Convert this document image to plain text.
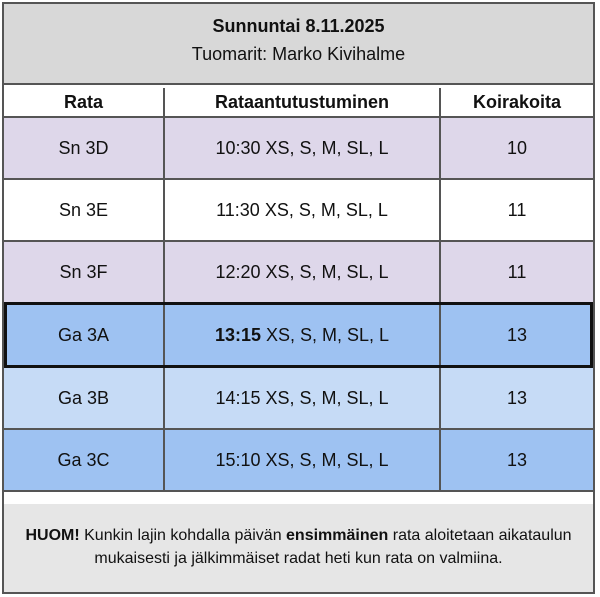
Sunnuntai 8.11.2025
Tuomarit: Marko Kivihalme
Rata	Rataantutustuminen	Koirakoita
Sn 3D	10:30 XS, S, M, SL, L	10
Sn 3E	11:30 XS, S, M, SL, L	11
Sn 3F	12:20 XS, S, M, SL, L	11
Ga 3A	13:15 XS, S, M, SL, L	13
Ga 3B	14:15 XS, S, M, SL, L	13
Ga 3C	15:10 XS, S, M, SL, L	13
HUOM! Kunkin lajin kohdalla päivän ensimmäinen rata aloitetaan aikataulun mukaisesti ja jälkimmäiset radat heti kun rata on valmiina.
